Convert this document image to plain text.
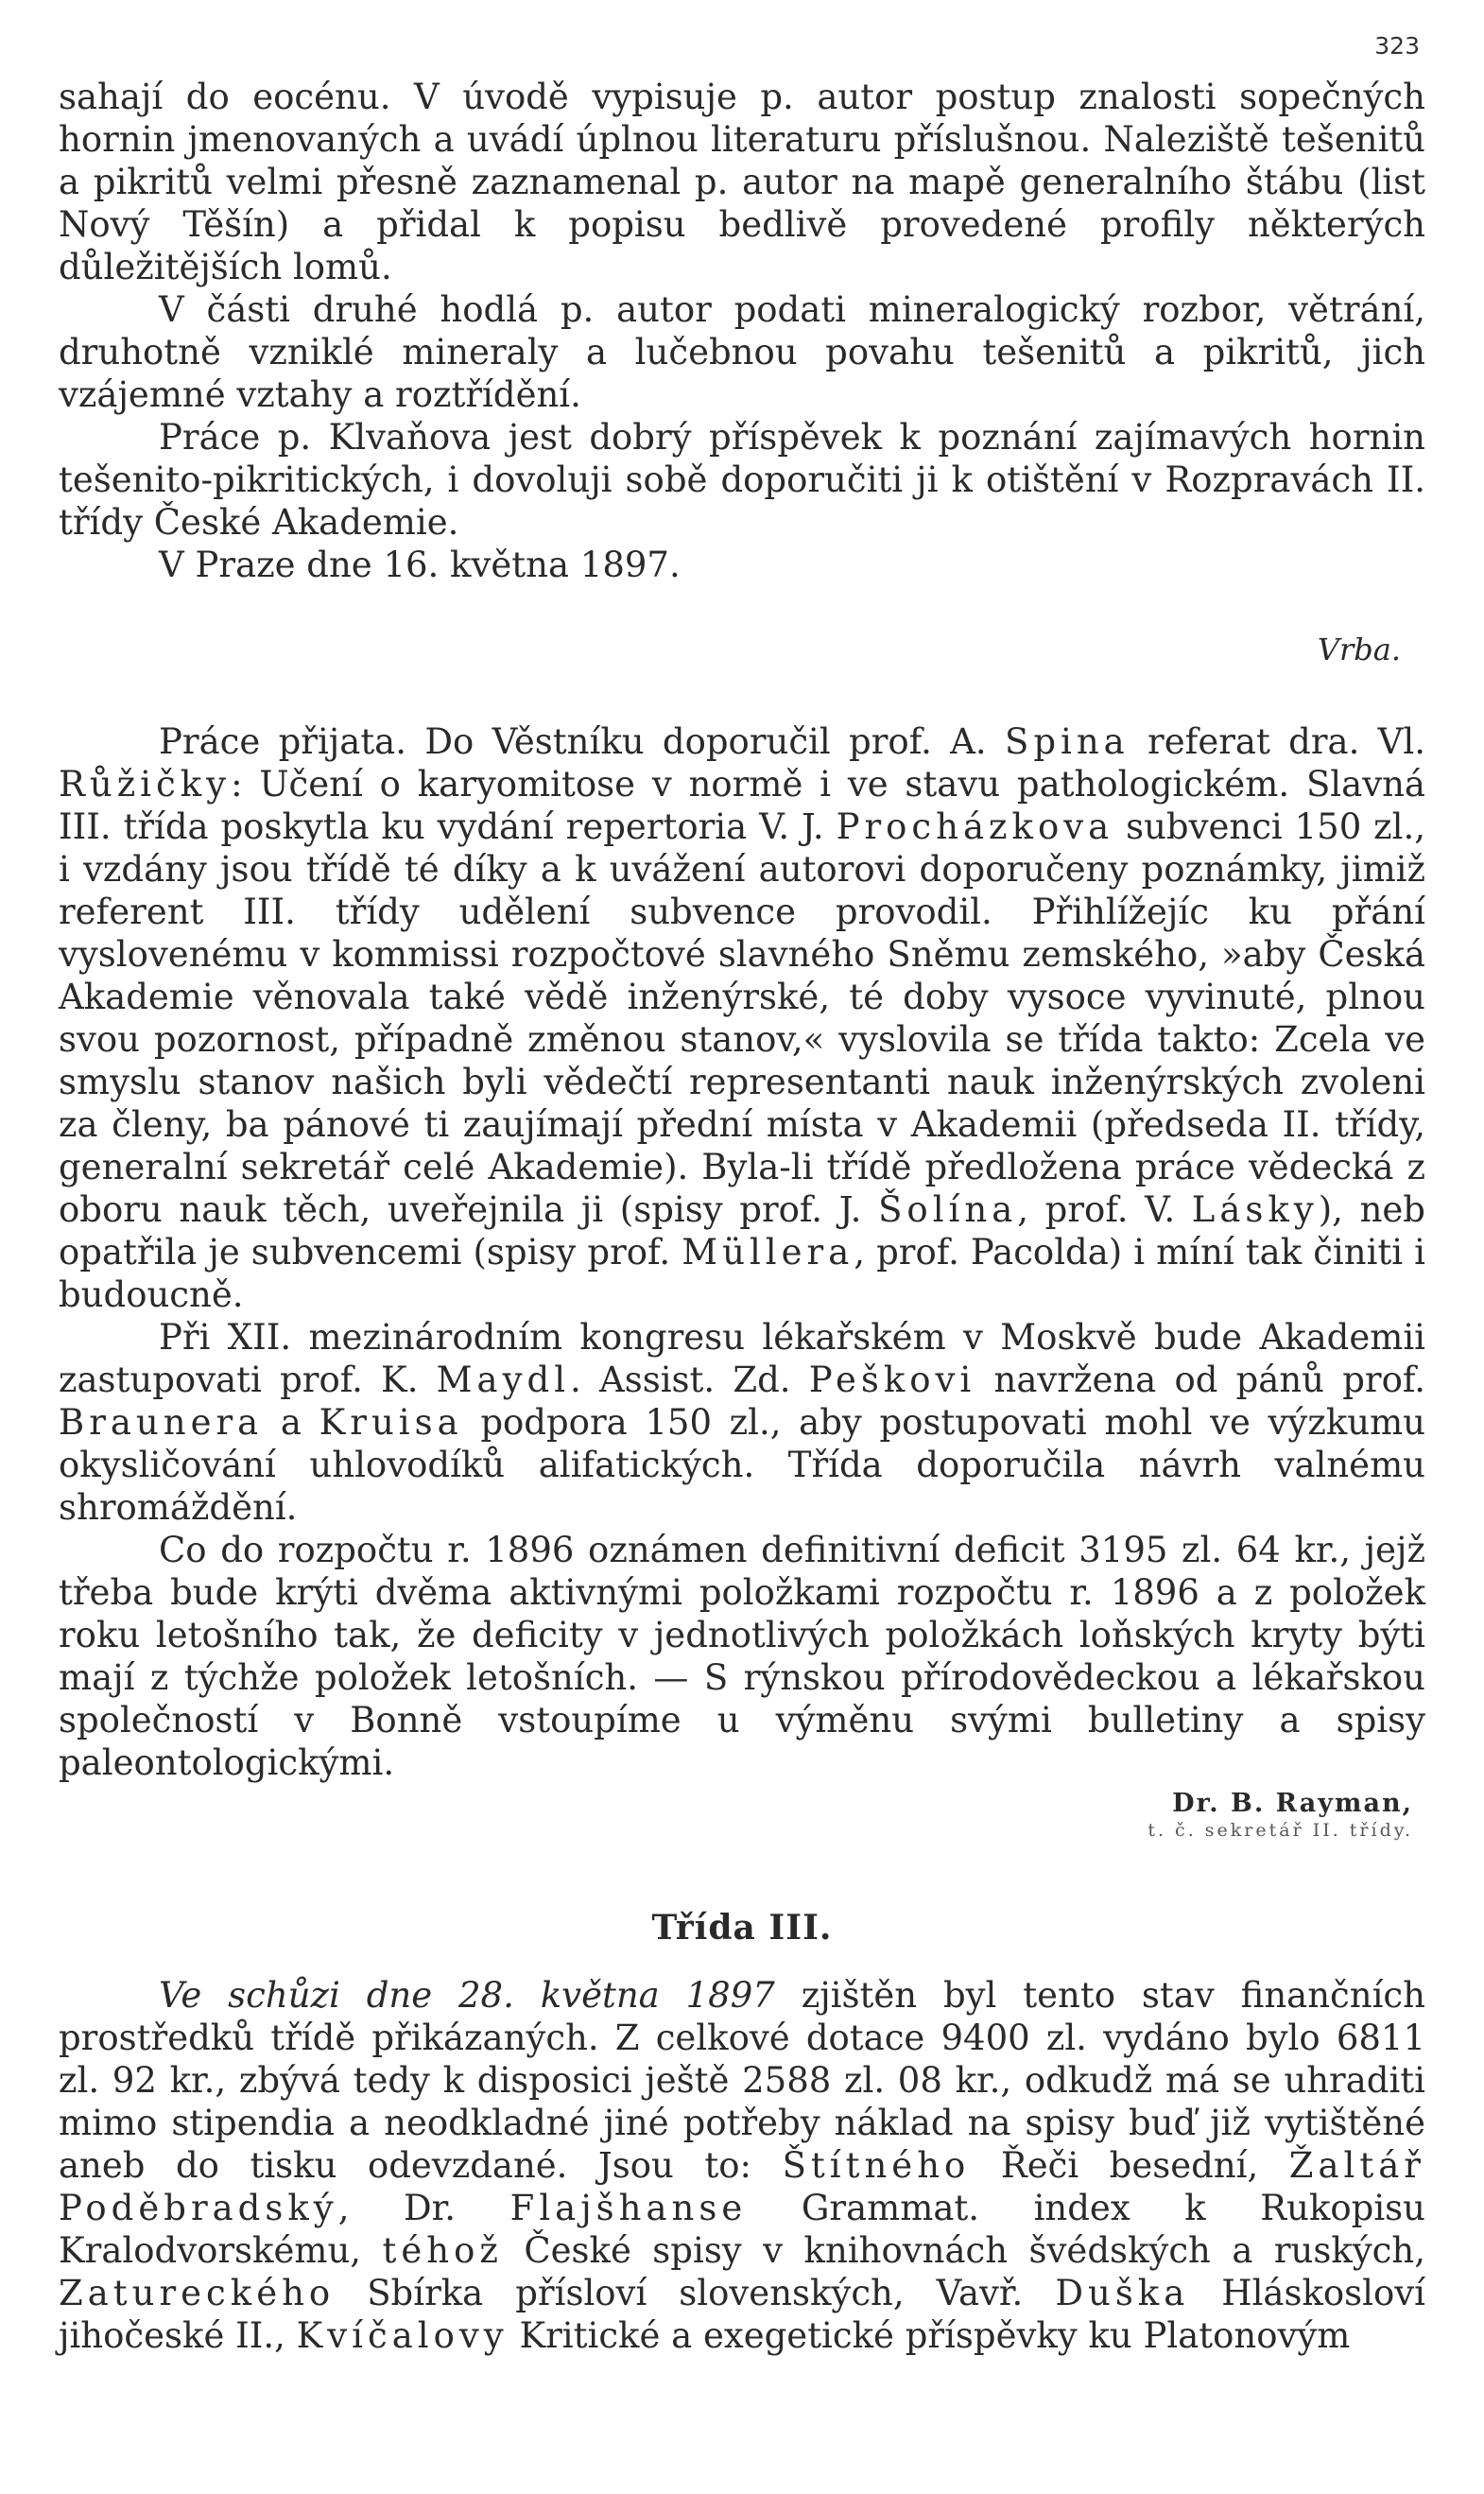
323

sahají do eocénu. V úvodě vypisuje p. autor postup znalosti sopečných hornin jmenovaných a uvádí úplnou literaturu příslušnou. Naleziště tešenitů a pikritů velmi přesně zaznamenal p. autor na mapě generalního štábu (list Nový Těšín) a přidal k popisu bedlivě provedené profily některých důležitějších lomů.

V části druhé hodlá p. autor podati mineralogický rozbor, větrání, druhotně vzniklé mineraly a lučebnou povahu tešenitů a pikritů, jich vzájemné vztahy a roztřídění.

Práce p. Klvaňova jest dobrý příspěvek k poznání zajímavých hornin tešenito-pikritických, i dovoluji sobě doporučiti ji k otištění v Rozpravách II. třídy České Akademie.

V Praze dne 16. května 1897.

Vrba.

Práce přijata. Do Věstníku doporučil prof. A. Spina referat dra. Vl. Růžičky: Učení o karyomitose v normě i ve stavu pathologickém. Slavná III. třída poskytla ku vydání repertoria V. J. Procházkova subvenci 150 zl., i vzdány jsou třídě té díky a k uvážení autorovi doporučeny poznámky, jimiž referent III. třídy udělení subvence provodil. Přihlížejíc ku přání vyslovenému v kommissi rozpočtové slavného Sněmu zemského, »aby Česká Akademie věnovala také vědě inženýrské, té doby vysoce vyvinuté, plnou svou pozornost, případně změnou stanov,« vyslovila se třída takto: Zcela ve smyslu stanov našich byli vědečtí representanti nauk inženýrských zvoleni za členy, ba pánové ti zaujímají přední místa v Akademii (předseda II. třídy, generalní sekretář celé Akademie). Byla-li třídě předložena práce vědecká z oboru nauk těch, uveřejnila ji (spisy prof. J. Šolína, prof. V. Lásky), neb opatřila je subvencemi (spisy prof. Müllera, prof. Pacolda) i míní tak činiti i budoucně.

Při XII. mezinárodním kongresu lékařském v Moskvě bude Akademii zastupovati prof. K. Maydl. Assist. Zd. Peškovi navržena od pánů prof. Braunera a Kruisa podpora 150 zl., aby postupovati mohl ve výzkumu okysličování uhlovodíků alifatických. Třída doporučila návrh valnému shromáždění.

Co do rozpočtu r. 1896 oznámen definitivní deficit 3195 zl. 64 kr., jejž třeba bude krýti dvěma aktivnými položkami rozpočtu r. 1896 a z položek roku letošního tak, že deficity v jednotlivých položkách loňských kryty býti mají z týchže položek letošních. — S rýnskou přírodovědeckou a lékařskou společností v Bonně vstoupíme u výměnu svými bulletiny a spisy paleontologickými.

Dr. B. Rayman,
t. č. sekretář II. třídy.
Třída III.

Ve schůzi dne 28. května 1897 zjištěn byl tento stav finančních prostředků třídě přikázaných. Z celkové dotace 9400 zl. vydáno bylo 6811 zl. 92 kr., zbývá tedy k disposici ještě 2588 zl. 08 kr., odkudž má se uhraditi mimo stipendia a neodkladné jiné potřeby náklad na spisy buď již vytištěné aneb do tisku odevzdané. Jsou to: Štítného Řeči besední, Žaltář Poděbradský, Dr. Flajšhanse Grammat. index k Rukopisu Kralodvorskému, téhož České spisy v knihovnách švédských a ruských, Zatureckého Sbírka přísloví slovenských, Vavř. Duška Hláskosloví jihočeské II., Kvíčalovy Kritické a exegetické příspěvky ku Platonovým
